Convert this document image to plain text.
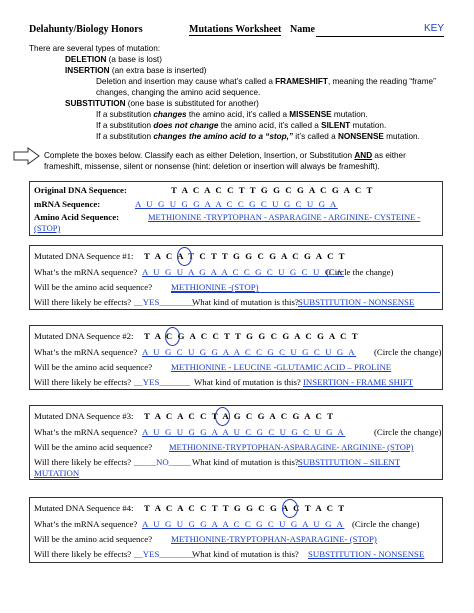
Delahunty/Biology Honors	Mutations Worksheet Name	KEY
There are several types of mutation:
DELETION (a base is lost)
INSERTION (an extra base is inserted)
Deletion and insertion may cause what’s called a FRAMESHIFT, meaning the reading “frame”
changes, changing the amino acid sequence.
SUBSTITUTION (one base is substituted for another)
If a substitution changes the amino acid, it’s called a MISSENSE mutation.
If a substitution does not change the amino acid, it’s called a SILENT mutation.
If a substitution changes the amino acid to a “stop,” it’s called a NONSENSE mutation.
Complete the boxes below. Classify each as either Deletion, Insertion, or Substitution AND as either
frameshift, missense, silent or nonsense (hint: deletion or insertion will always be frameshift).
Original DNA Sequence:	T A C A C C T T G G C G A C G A C T
mRNA Sequence:	A U G U G G A A C C G C U G C U G A
Amino Acid Sequence:	METHIONINE -TRYPTOPHAN - ASPARAGINE - ARGININE- CYSTEINE -
(STOP)
Mutated DNA Sequence #1: T A C A T C T T G G C G A C G A C T
What’s the mRNA sequence? A U G U A G A A C C G C U G C U G A
(Circle the change)
Will be the amino acid sequence? METHIONINE -(STOP)
Will there likely be effects? __YES________
What kind of mutation is this? SUBSTITUTION - NONSENSE
Mutated DNA Sequence #2: T A C G A C C T T G G C G A C G A C T
What’s the mRNA sequence? A U G C U G G A A C C G C U G C U G A (Circle the change)
Will be the amino acid sequence? METHIONINE - LEUCINE -GLUTAMIC ACID – PROLINE
Will there likely be effects? __YES_______ What kind of mutation is this? INSERTION - FRAME SHIFT
Mutated DNA Sequence #3: T A C A C C T A G C G A C G A C T
What’s the mRNA sequence? A U G U G G A A U C G C U G C U G A	(Circle the change)
Will be the amino acid sequence? METHIONINE-TRYPTOPHAN-ASPARAGINE- ARGININE- (STOP)
Will there likely be effects? _____NO_____ What kind of mutation is this? SUBSTITUTION – SILENT
MUTATION
Mutated DNA Sequence #4: T A C A C C T T G G C G A C T A C T
What’s the mRNA sequence? A U G U G G A A C C G C U G A U G A (Circle the change)
Will be the amino acid sequence? METHIONINE-TRYPTOPHAN-ASPARAGINE- (STOP)
Will there likely be effects? __YES________
What kind of mutation is this? SUBSTITUTION - NONSENSE
